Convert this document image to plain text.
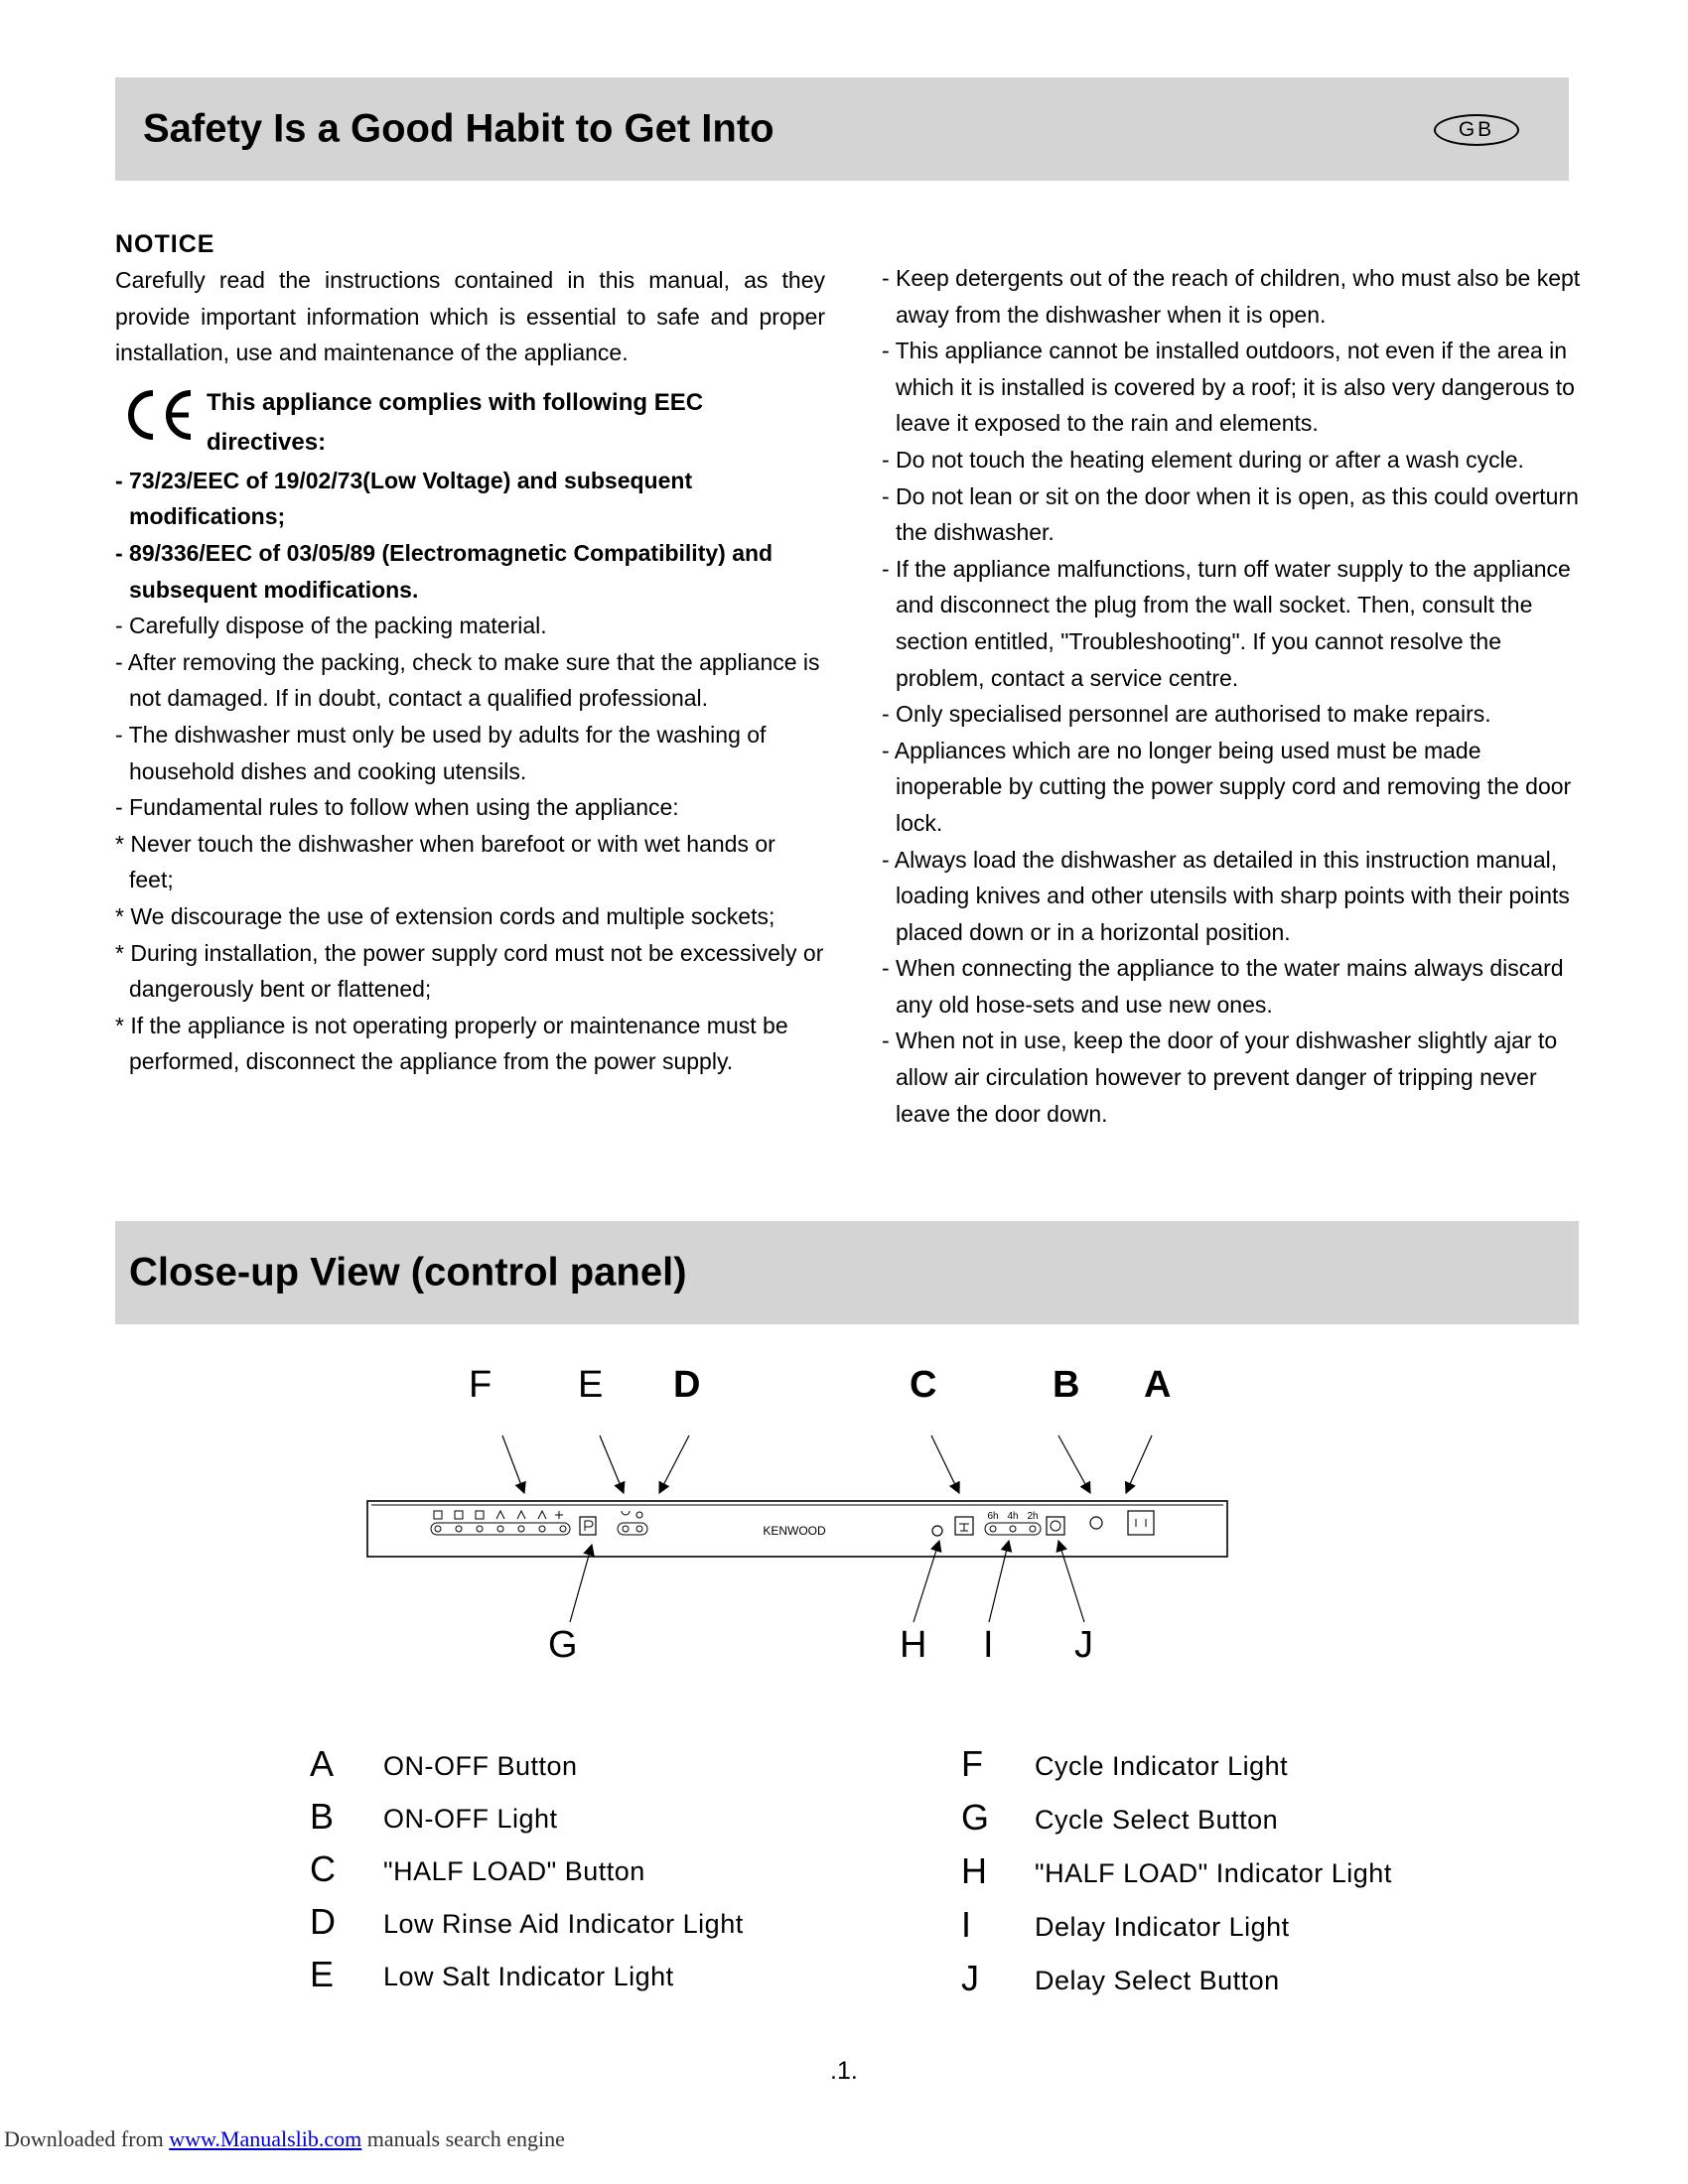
Safety Is a Good Habit to Get Into	GB

NOTICE

Carefully read the instructions contained in this manual, as they provide important information which is essential to safe and proper installation, use and maintenance of the appliance.

This appliance complies with following EEC directives:

- 73/23/EEC of 19/02/73(Low Voltage) and subsequent modifications;

- 89/336/EEC of 03/05/89 (Electromagnetic Compatibility) and subsequent modifications.

- Carefully dispose of the packing material.

- After removing the packing, check to make sure that the appliance is not damaged. If in doubt, contact a qualified professional.

- The dishwasher must only be used by adults for the washing of household dishes and cooking utensils.

- Fundamental rules to follow when using the appliance:

* Never touch the dishwasher when barefoot or with wet hands or feet;

* We discourage the use of extension cords and multiple sockets;

* During installation, the power supply cord must not be excessively or dangerously bent or flattened;

* If the appliance is not operating properly or maintenance must be performed, disconnect the appliance from the power supply.

- Keep detergents out of the reach of children, who must also be kept away from the dishwasher when it is open.

- This appliance cannot be installed outdoors, not even if the area in which it is installed is covered by a roof; it is also very dangerous to leave it exposed to the rain and elements.

- Do not touch the heating element during or after a wash cycle.

- Do not lean or sit on the door when it is open, as this could overturn the dishwasher.

- If the appliance malfunctions, turn off water supply to the appliance and disconnect the plug from the wall socket. Then, consult the section entitled, "Troubleshooting". If you cannot resolve the problem, contact a service centre.

- Only specialised personnel are authorised to make repairs.

- Appliances which are no longer being used must be made inoperable by cutting the power supply cord and removing the door lock.

- Always load the dishwasher as detailed in this instruction manual, loading knives and other utensils with sharp points with their points placed down or in a horizontal position.

- When connecting the appliance to the water mains always discard any old hose-sets and use new ones.

- When not in use, keep the door of your dishwasher slightly ajar to allow air circulation however to prevent danger of tripping never leave the door down.

Close-up View (control panel)
KENWOOD
6h 4h 2h
F E D	C	B A
G	H I J
A ON-OFF Button
B ON-OFF Light
C "HALF LOAD" Button
D Low Rinse Aid Indicator Light
E Low Salt Indicator Light
F Cycle Indicator Light
G Cycle Select Button
H "HALF LOAD" Indicator Light
I Delay Indicator Light
J Delay Select Button
.1.
Downloaded from www.Manualslib.com manuals search engine
